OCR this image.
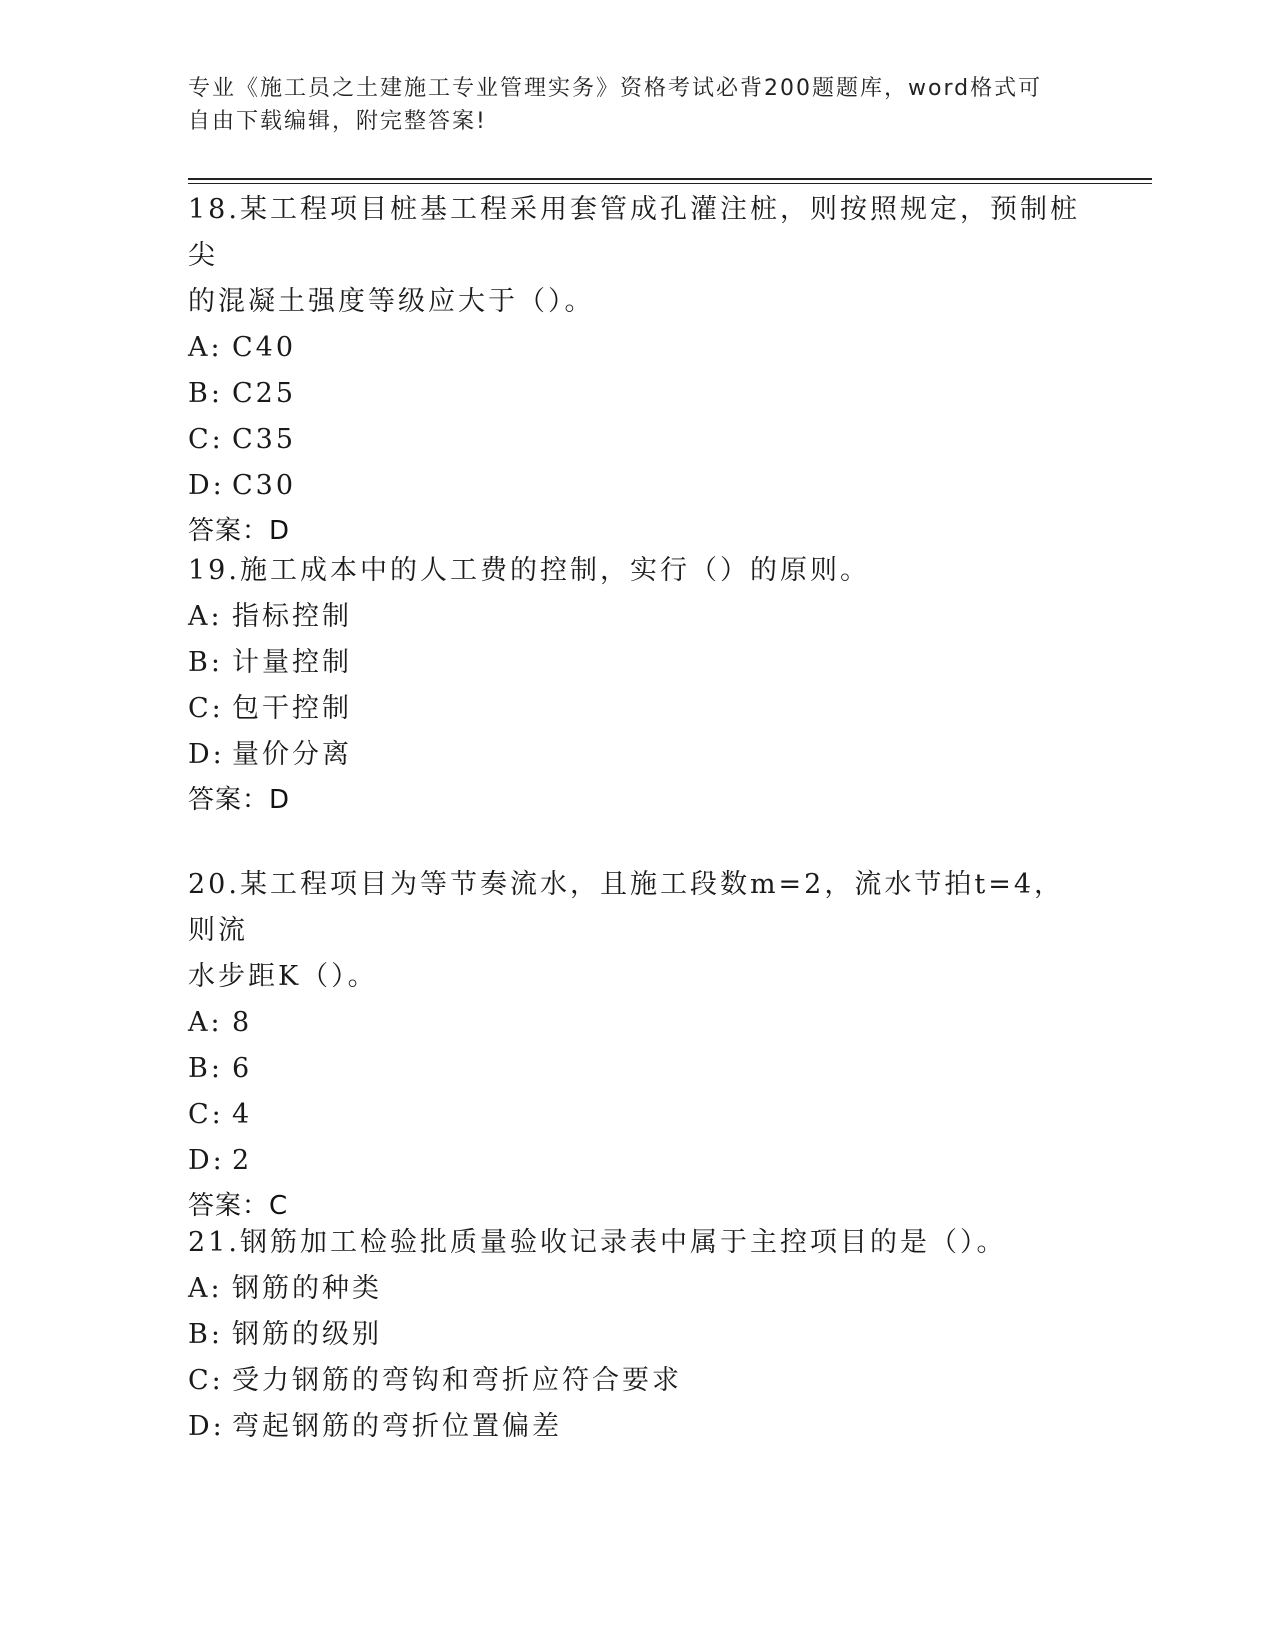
专业《施工员之土建施工专业管理实务》资格考试必背200题题库，word格式可
自由下载编辑，附完整答案!
18.某工程项目桩基工程采用套管成孔灌注桩，则按照规定，预制桩尖
的混凝土强度等级应大于（）。
A: C40
B: C25
C: C35
D: C30
答案：D
19.施工成本中的人工费的控制，实行（）的原则。
A: 指标控制
B: 计量控制
C: 包干控制
D: 量价分离
答案：D
20.某工程项目为等节奏流水，且施工段数m=2，流水节拍t=4，则流
水步距K（）。
A: 8
B: 6
C: 4
D: 2
答案：C
21.钢筋加工检验批质量验收记录表中属于主控项目的是（）。
A: 钢筋的种类
B: 钢筋的级别
C: 受力钢筋的弯钩和弯折应符合要求
D: 弯起钢筋的弯折位置偏差
